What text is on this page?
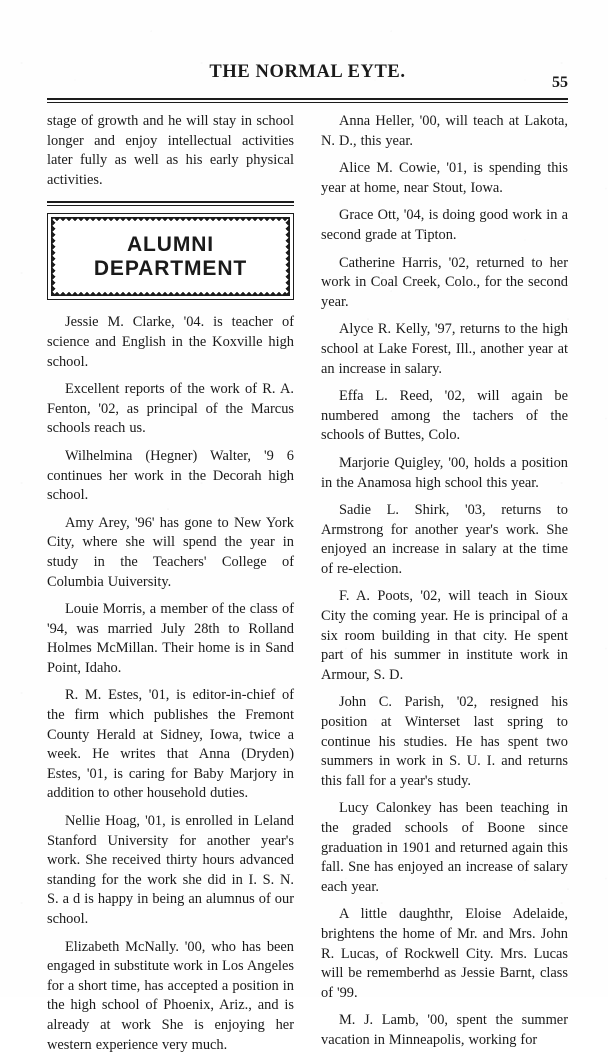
THE NORMAL EYTE.
55

stage of growth and he will stay in school longer and enjoy intellectual activities later fully as well as his early physical activities.

ALUMNI DEPARTMENT

Jessie M. Clarke, '04. is teacher of science and English in the Koxville high school.

Excellent reports of the work of R. A. Fenton, '02, as principal of the Marcus schools reach us.

Wilhelmina (Hegner) Walter, '9 6 continues her work in the Decorah high school.

Amy Arey, '96' has gone to New York City, where she will spend the year in study in the Teachers' College of Columbia Uuiversity.

Louie Morris, a member of the class of '94, was married July 28th to Rolland Holmes McMillan. Their home is in Sand Point, Idaho.

R. M. Estes, '01, is editor-in-chief of the firm which publishes the Fremont County Herald at Sidney, Iowa, twice a week. He writes that Anna (Dryden) Estes, '01, is caring for Baby Marjory in addition to other household duties.

Nellie Hoag, '01, is enrolled in Leland Stanford University for another year's work. She received thirty hours advanced standing for the work she did in I. S. N. S. a d is happy in being an alumnus of our school.

Elizabeth McNally. '00, who has been engaged in substitute work in Los Angeles for a short time, has accepted a position in the high school of Phoenix, Ariz., and is already at work She is enjoying her western experience very much.

Anna Heller, '00, will teach at Lakota, N. D., this year.

Alice M. Cowie, '01, is spending this year at home, near Stout, Iowa.

Grace Ott, '04, is doing good work in a second grade at Tipton.

Catherine Harris, '02, returned to her work in Coal Creek, Colo., for the second year.

Alyce R. Kelly, '97, returns to the high school at Lake Forest, Ill., another year at an increase in salary.

Effa L. Reed, '02, will again be numbered among the tachers of the schools of Buttes, Colo.

Marjorie Quigley, '00, holds a position in the Anamosa high school this year.

Sadie L. Shirk, '03, returns to Armstrong for another year's work. She enjoyed an increase in salary at the time of re-election.

F. A. Poots, '02, will teach in Sioux City the coming year. He is principal of a six room building in that city. He spent part of his summer in institute work in Armour, S. D.

John C. Parish, '02, resigned his position at Winterset last spring to continue his studies. He has spent two summers in work in S. U. I. and returns this fall for a year's study.

Lucy Calonkey has been teaching in the graded schools of Boone since graduation in 1901 and returned again this fall. Sne has enjoyed an increase of salary each year.

A little daughthr, Eloise Adelaide, brightens the home of Mr. and Mrs. John R. Lucas, of Rockwell City. Mrs. Lucas will be rememberhd as Jessie Barnt, class of '99.

M. J. Lamb, '00, spent the summer vacation in Minneapolis, working for
